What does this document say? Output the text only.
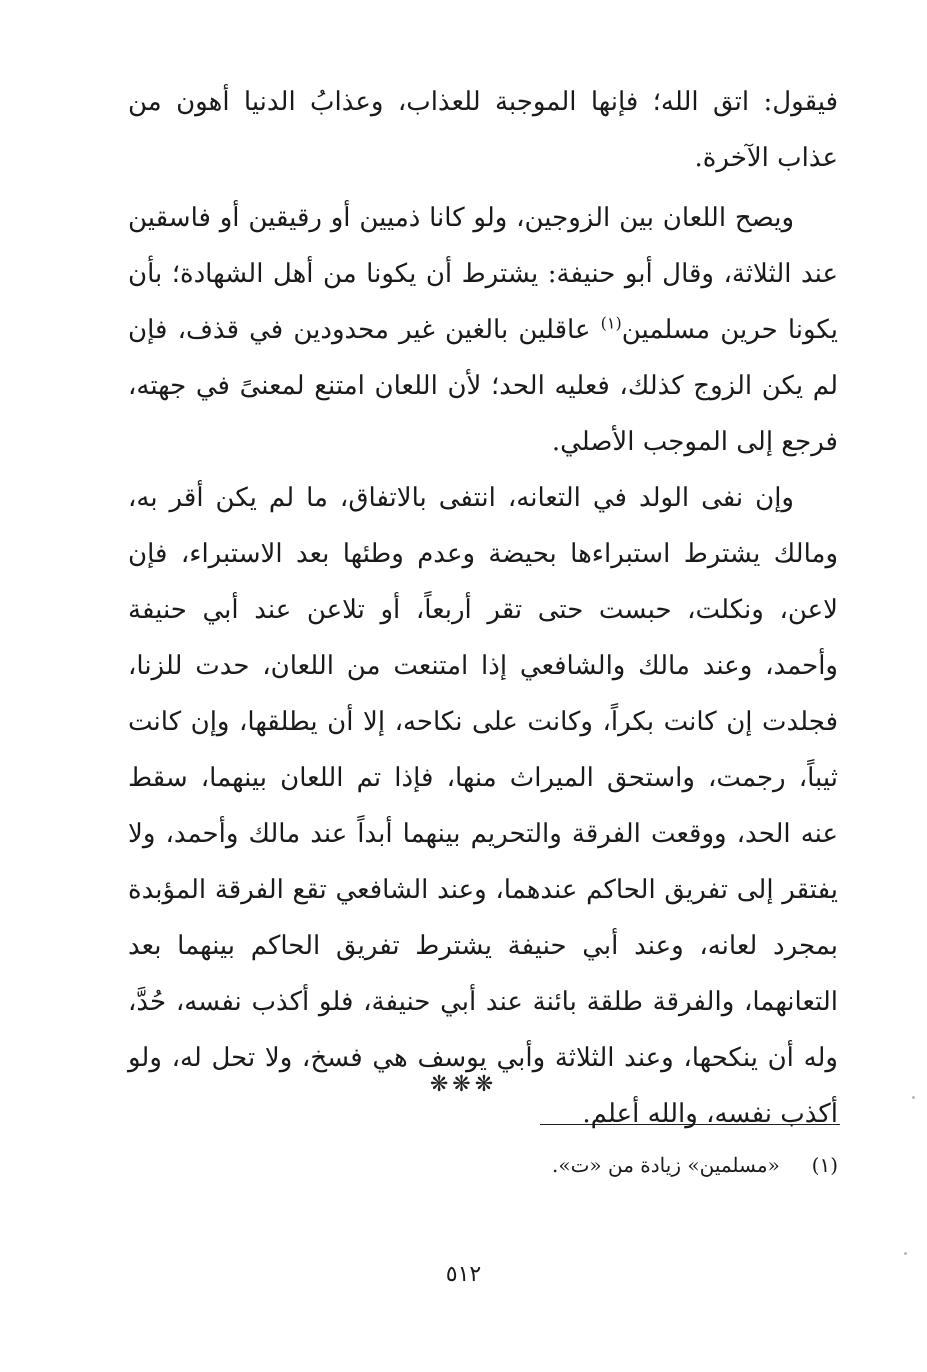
فيقول: اتق الله؛ فإنها الموجبة للعذاب، وعذابُ الدنيا أهون من عذاب الآخرة.

ويصح اللعان بين الزوجين، ولو كانا ذميين أو رقيقين أو فاسقين عند الثلاثة، وقال أبو حنيفة: يشترط أن يكونا من أهل الشهادة؛ بأن يكونا حرين مسلمين$^{(١)}$ عاقلين بالغين غير محدودين في قذف، فإن لم يكن الزوج كذلك، فعليه الحد؛ لأن اللعان امتنع لمعنىً في جهته، فرجع إلى الموجب الأصلي.

وإن نفى الولد في التعانه، انتفى بالاتفاق، ما لم يكن أقر به، ومالك يشترط استبراءها بحيضة وعدم وطئها بعد الاستبراء، فإن لاعن، ونكلت، حبست حتى تقر أربعاً، أو تلاعن عند أبي حنيفة وأحمد، وعند مالك والشافعي إذا امتنعت من اللعان، حدت للزنا، فجلدت إن كانت بكراً، وكانت على نكاحه، إلا أن يطلقها، وإن كانت ثيباً، رجمت، واستحق الميراث منها، فإذا تم اللعان بينهما، سقط عنه الحد، ووقعت الفرقة والتحريم بينهما أبداً عند مالك وأحمد، ولا يفتقر إلى تفريق الحاكم عندهما، وعند الشافعي تقع الفرقة المؤبدة بمجرد لعانه، وعند أبي حنيفة يشترط تفريق الحاكم بينهما بعد التعانهما، والفرقة طلقة بائنة عند أبي حنيفة، فلو أكذب نفسه، حُدَّ، وله أن ينكحها، وعند الثلاثة وأبي يوسف هي فسخ، ولا تحل له، ولو أكذب نفسه، والله أعلم.

❋❋❋
(١)     «مسلمين» زيادة من «ت».
٥١٢
